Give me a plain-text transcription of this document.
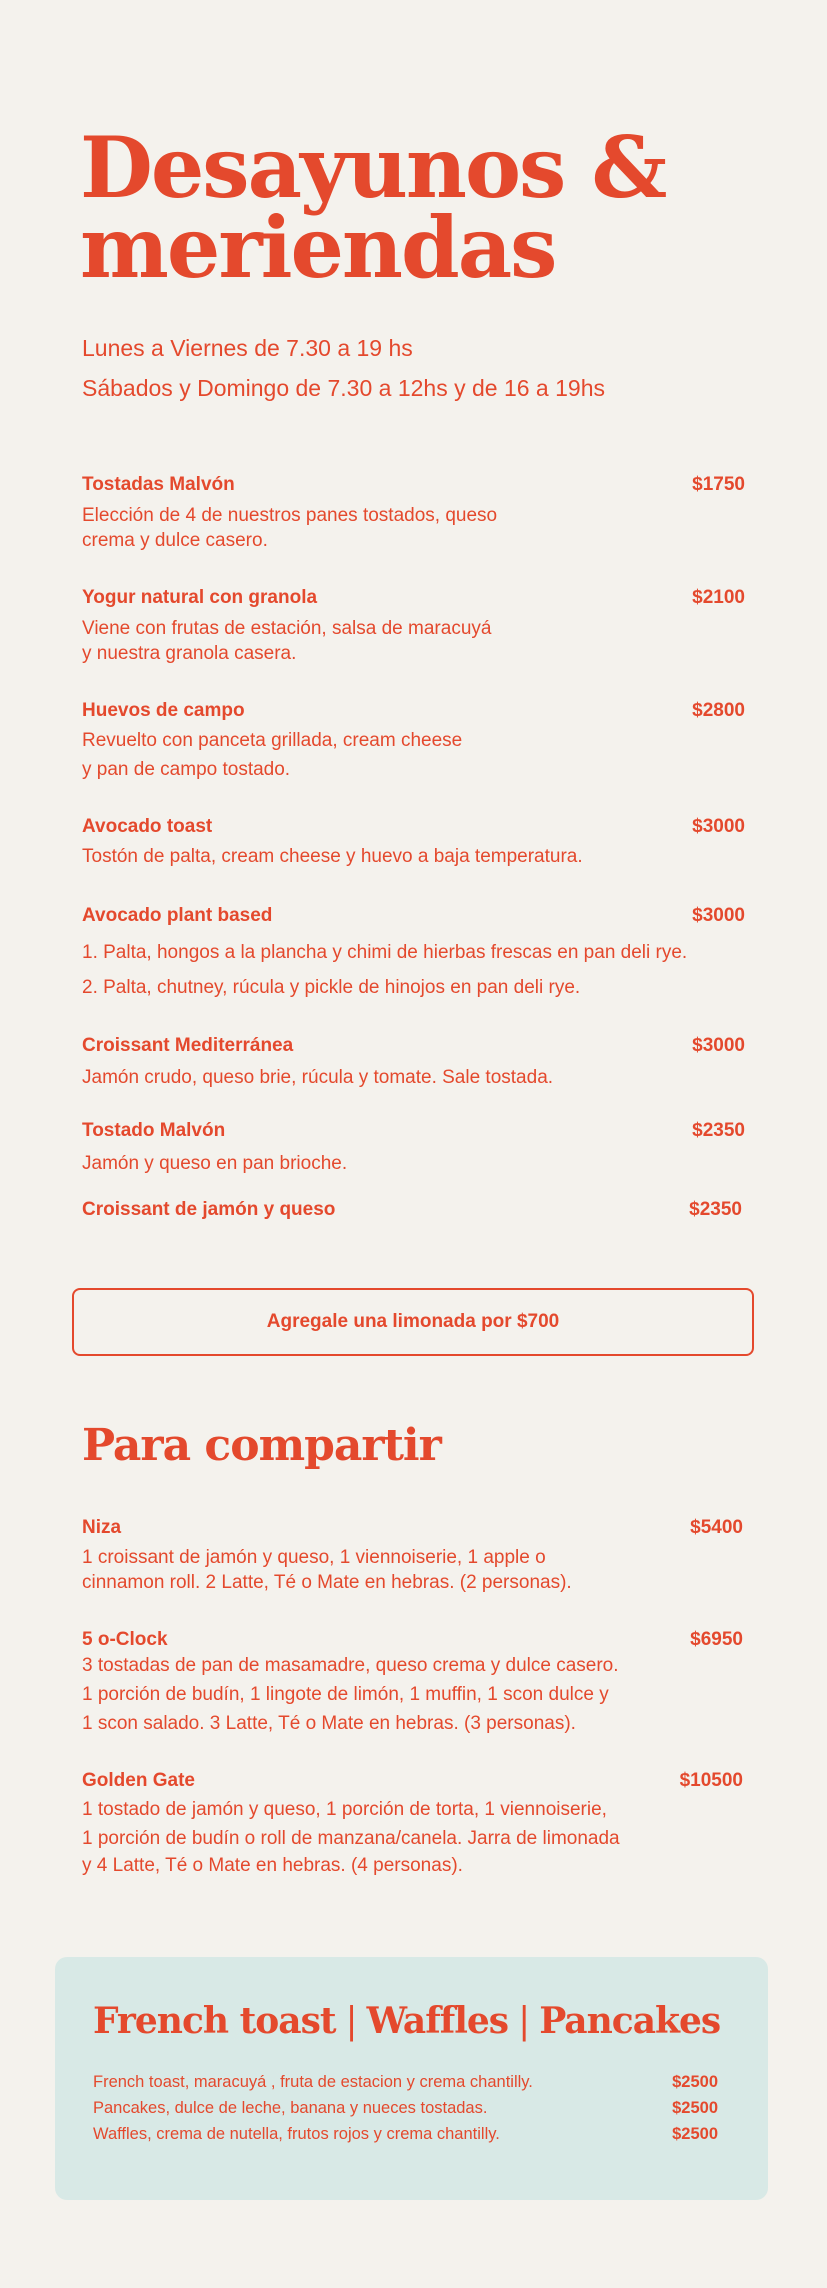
Desayunos & meriendas
Lunes a Viernes de 7.30 a 19 hs
Sábados y Domingo de 7.30 a 12hs y de 16 a 19hs
Tostadas Malvón	$1750
Elección de 4 de nuestros panes tostados, queso
crema y dulce casero.
Yogur natural con granola	$2100
Viene con frutas de estación, salsa de maracuyá
y nuestra granola casera.
Huevos de campo	$2800
Revuelto con panceta grillada, cream cheese
y pan de campo tostado.
Avocado toast	$3000
Tostón de palta, cream cheese y huevo a baja temperatura.
Avocado plant based	$3000
1. Palta, hongos a la plancha y chimi de hierbas frescas en pan deli rye.
2. Palta, chutney, rúcula y pickle de hinojos en pan deli rye.
Croissant Mediterránea	$3000
Jamón crudo, queso brie, rúcula y tomate. Sale tostada.
Tostado Malvón	$2350
Jamón y queso en pan brioche.
Croissant de jamón y queso	$2350
Agregale una limonada por $700
Para compartir
Niza	$5400
1 croissant de jamón y queso, 1 viennoiserie, 1 apple o
cinnamon roll. 2 Latte, Té o Mate en hebras. (2 personas).
5 o-Clock	$6950
3 tostadas de pan de masamadre, queso crema y dulce casero.
1 porción de budín, 1 lingote de limón, 1 muffin, 1 scon dulce y
1 scon salado. 3 Latte, Té o Mate en hebras. (3 personas).
Golden Gate	$10500
1 tostado de jamón y queso, 1 porción de torta, 1 viennoiserie,
1 porción de budín o roll de manzana/canela. Jarra de limonada
y 4 Latte, Té o Mate en hebras. (4 personas).
French toast | Waffles | Pancakes
French toast, maracuyá , fruta de estacion y crema chantilly.	$2500
Pancakes, dulce de leche, banana y nueces tostadas.	$2500
Waffles, crema de nutella, frutos rojos y crema chantilly.	$2500
